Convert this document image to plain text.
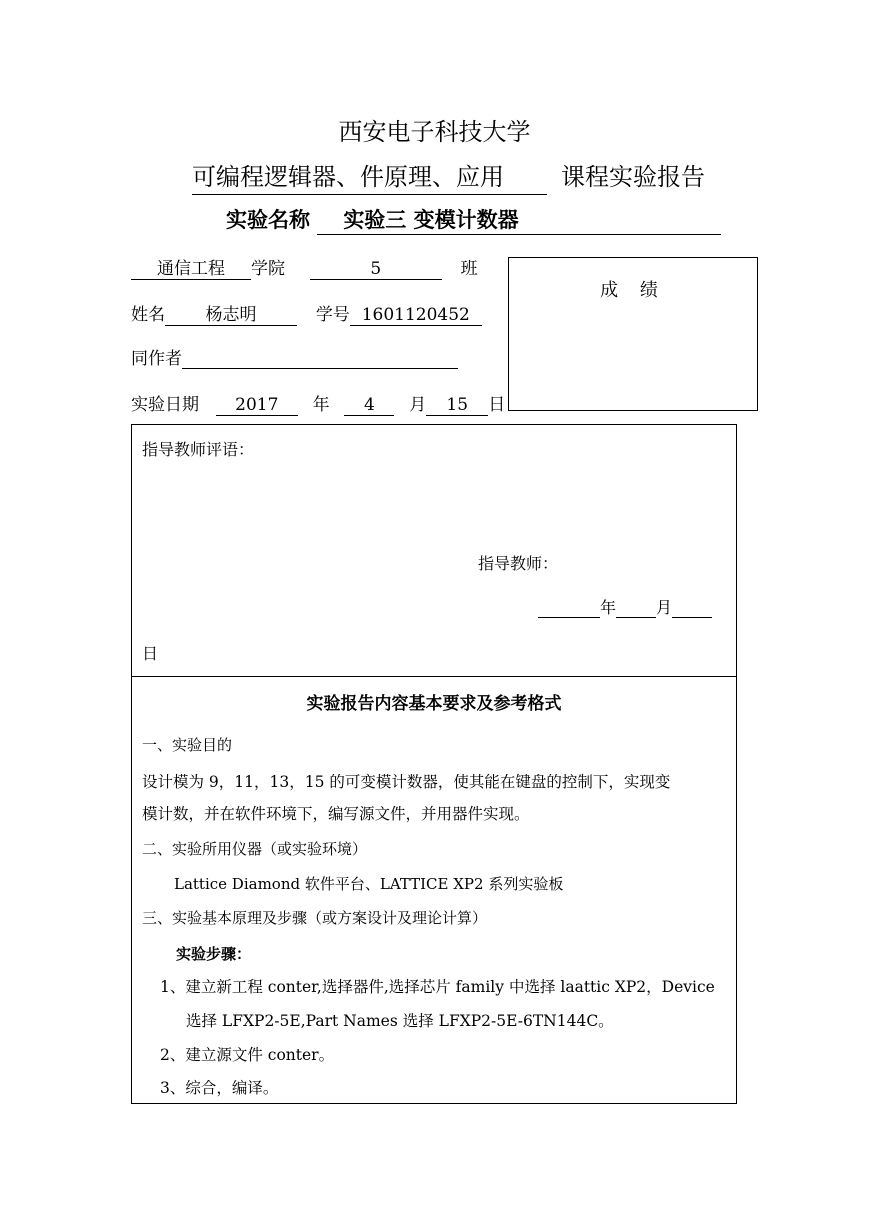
西安电子科技大学
可编程逻辑器、件原理、应用 课程实验报告
实验名称 实验三 变模计数器
通信工程 学院	5	班
姓名 杨志明	学号 1601120452
同作者
实验日期 2017 年 4 月 15 日
成 绩
指导教师评语：
指导教师：
年	月
日
实验报告内容基本要求及参考格式
一、实验目的
设计模为 9，11，13，15 的可变模计数器，使其能在键盘的控制下，实现变
模计数，并在软件环境下，编写源文件，并用器件实现。
二、实验所用仪器（或实验环境）
Lattice Diamond 软件平台、LATTICE XP2 系列实验板
三、实验基本原理及步骤（或方案设计及理论计算）
实验步骤：
1、建立新工程 conter,选择器件,选择芯片 family 中选择 laattic XP2，Device
选择 LFXP2-5E,Part Names 选择 LFXP2-5E-6TN144C。
2、建立源文件 conter。
3、综合，编译。
